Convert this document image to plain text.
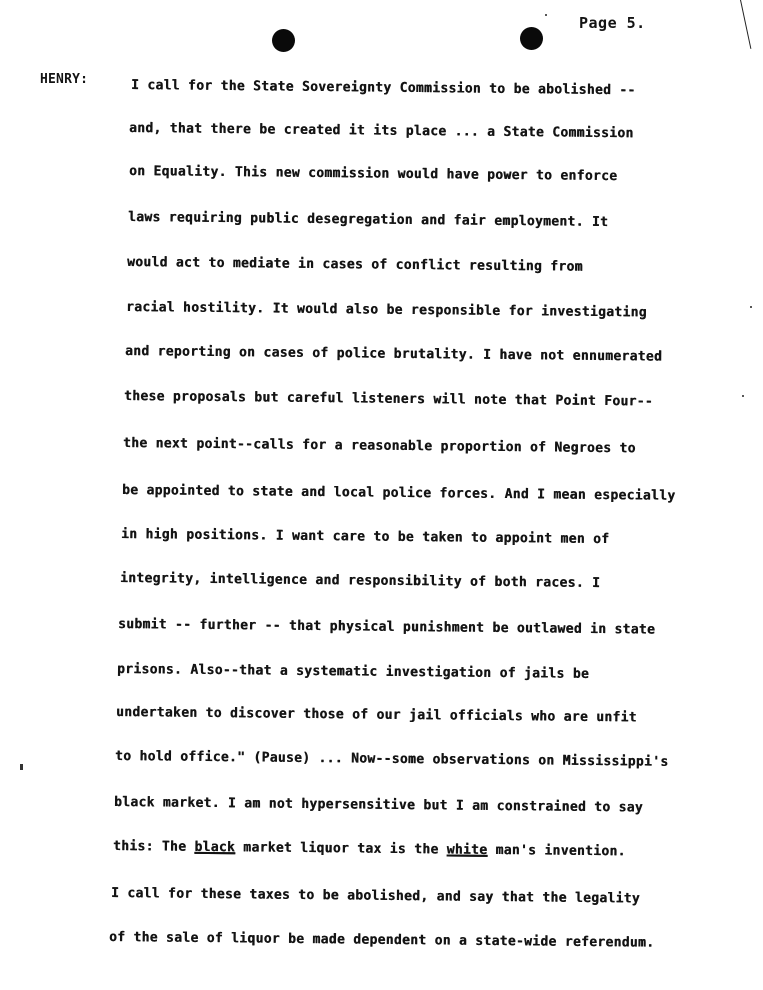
Page 5.
HENRY:	I call for the State Sovereignty Commission to be abolished --
and, that there be created it its place ... a State Commission
on Equality. This new commission would have power to enforce
laws requiring public desegregation and fair employment. It
would act to mediate in cases of conflict resulting from
racial hostility. It would also be responsible for investigating
and reporting on cases of police brutality. I have not ennumerated
these proposals but careful listeners will note that Point Four--
the next point--calls for a reasonable proportion of Negroes to
be appointed to state and local police forces. And I mean especially
in high positions. I want care to be taken to appoint men of
integrity, intelligence and responsibility of both races. I
submit -- further -- that physical punishment be outlawed in state
prisons. Also--that a systematic investigation of jails be
undertaken to discover those of our jail officials who are unfit
to hold office." (Pause) ... Now--some observations on Mississippi's
black market. I am not hypersensitive but I am constrained to say
this: The black market liquor tax is the white man's invention.
I call for these taxes to be abolished, and say that the legality
of the sale of liquor be made dependent on a state-wide referendum.
